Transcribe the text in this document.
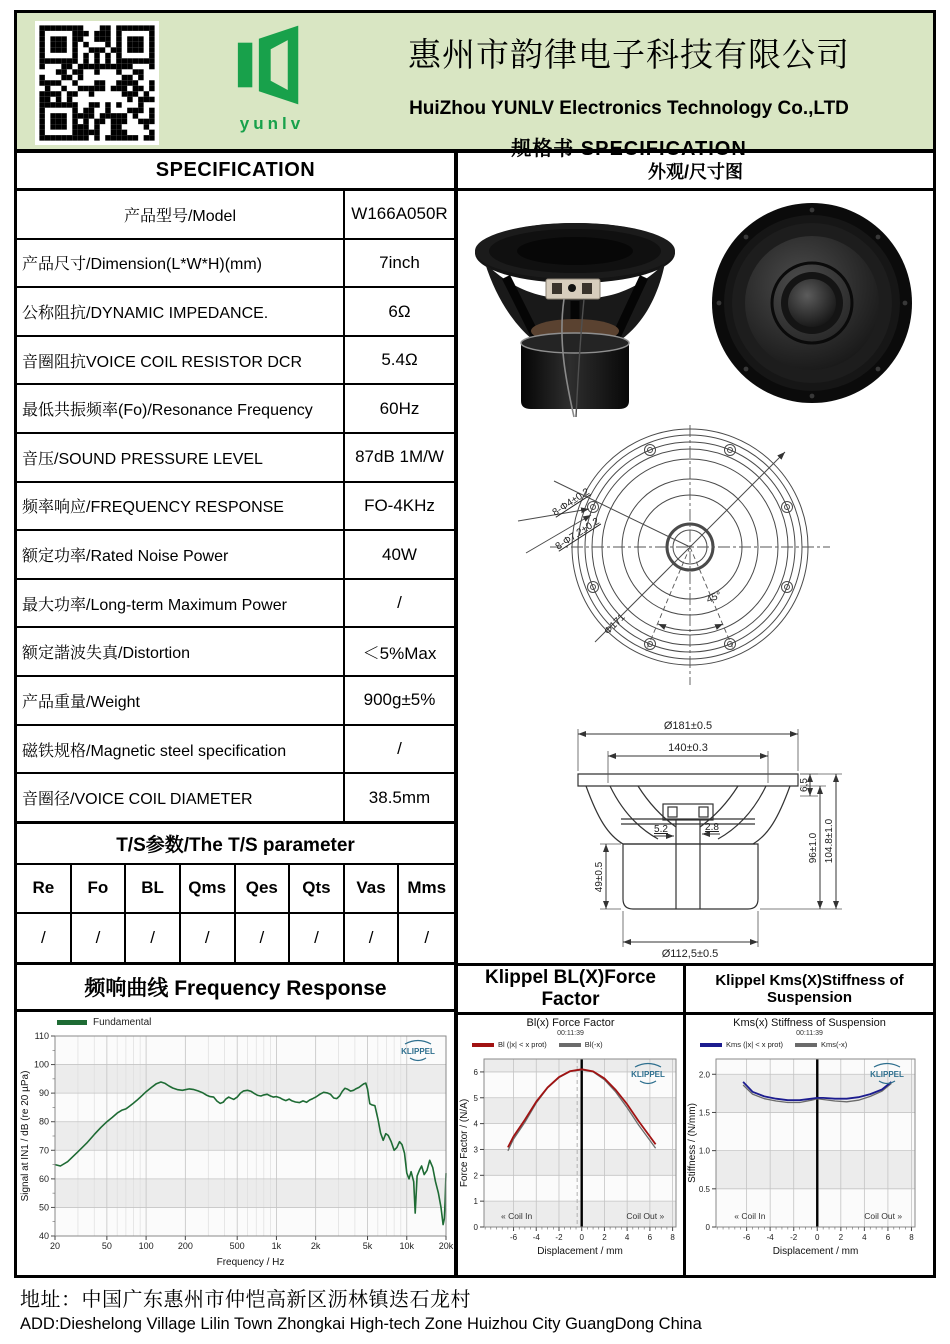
yunlv
惠州市韵律电子科技有限公司
HuiZhou YUNLV Electronics Technology Co.,LTD
规格书 SPECIFICATION
SPECIFICATION
产品型号/Model	W166A050R
产品尺寸/Dimension(L*W*H)(mm)	7inch
公称阻抗/DYNAMIC IMPEDANCE.	6Ω
音圈阻抗VOICE COIL RESISTOR DCR	5.4Ω
最低共振频率(Fo)/Resonance Frequency	60Hz
音压/SOUND PRESSURE LEVEL	87dB 1M/W
频率响应/FREQUENCY RESPONSE	FO-4KHz
额定功率/Rated Noise Power	40W
最大功率/Long-term Maximum Power	/
额定諧波失真/Distortion	＜5%Max
产品重量/Weight	900g±5%
磁铁规格/Magnetic steel specification	/
音圈径/VOICE COIL DIAMETER	38.5mm
T/S参数/The T/S parameter
Re	Fo	BL	Qms	Qes	Qts	Vas	Mms
/	/	/	/	/	/	/	/
频响曲线 Frequency Response
Fundamental
20	50	100	200	500	1k	2k	5k	10k	20k
40
50
60
70
80
90
100
110
Frequency / Hz
Signal at IN1 / dB (re 20 µPa)
KLIPPEL
外观/尺寸图
8-Φ4±0.2
8-Φ7.2±0.2
Φ171
45°
Ø181±0.5
140±0.3
6,5
96±1.0 104.8±1.0
49±0.5
5.2	2.8
Ø112,5±0.5
Klippel BL(X)Force Factor
Bl(x) Force Factor
00:11:39
Bl (|x| < x prot)	Bl(-x)
-6 -4 -2 0 2 4 6 8
0
1
2
3
4
5
6
Displacement / mm
Force Factor / (N/A)
« Coil In	Coil Out »
KLIPPEL
Klippel Kms(X)Stiffness of Suspension
Kms(x) Stiffness of Suspension
00:11:39
Kms (|x| < x prot)	Kms(-x)
-6 -4 -2 0 2 4 6 8
0
0.5
1.0
1.5
2.0
Displacement / mm
Stiffness / (N/mm)
« Coil In	Coil Out »
KLIPPEL
地址：中国广东惠州市仲恺高新区沥林镇迭石龙村
ADD:Dieshelong Village Lilin Town Zhongkai High-tech Zone Huizhou City GuangDong China
